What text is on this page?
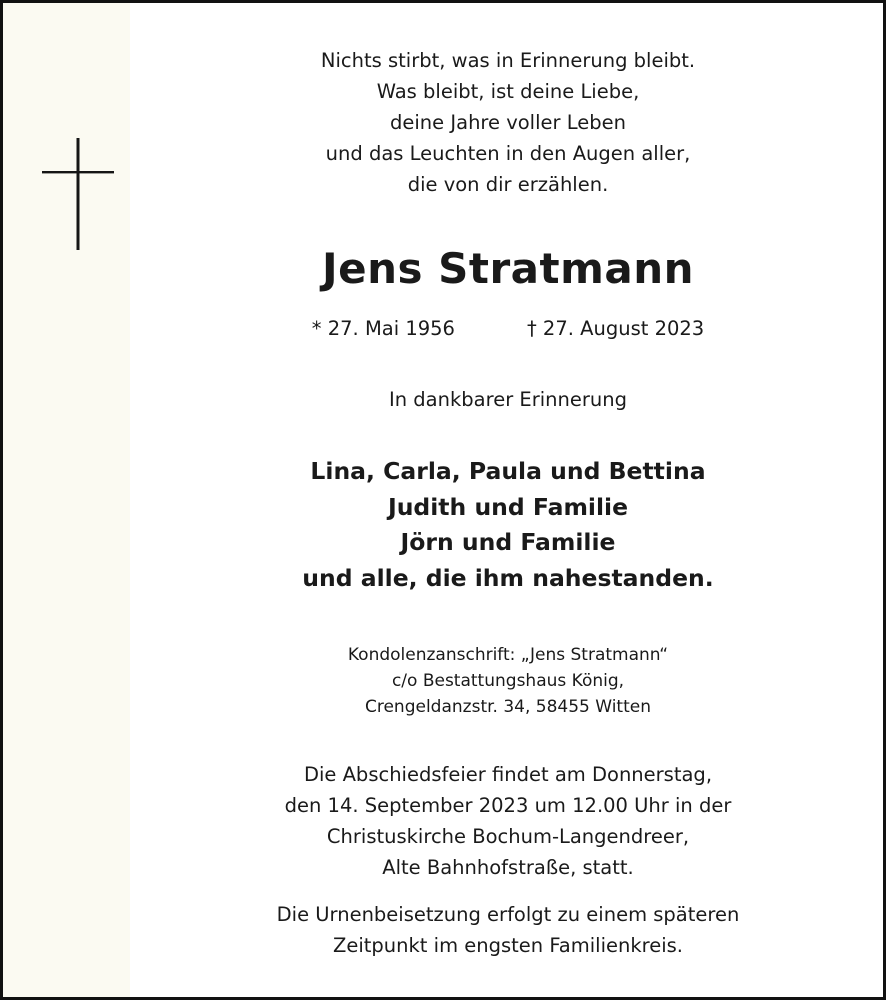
Nichts stirbt, was in Erinnerung bleibt.
Was bleibt, ist deine Liebe,
deine Jahre voller Leben
und das Leuchten in den Augen aller,
die von dir erzählen.
Jens Stratmann
* 27. Mai 1956	† 27. August 2023
In dankbarer Erinnerung
Lina, Carla, Paula und Bettina
Judith und Familie
Jörn und Familie
und alle, die ihm nahestanden.
Kondolenzanschrift: „Jens Stratmann“
c/o Bestattungshaus König,
Crengeldanzstr. 34, 58455 Witten
Die Abschiedsfeier findet am Donnerstag,
den 14. September 2023 um 12.00 Uhr in der
Christuskirche Bochum-Langendreer,
Alte Bahnhofstraße, statt.
Die Urnenbeisetzung erfolgt zu einem späteren
Zeitpunkt im engsten Familienkreis.
